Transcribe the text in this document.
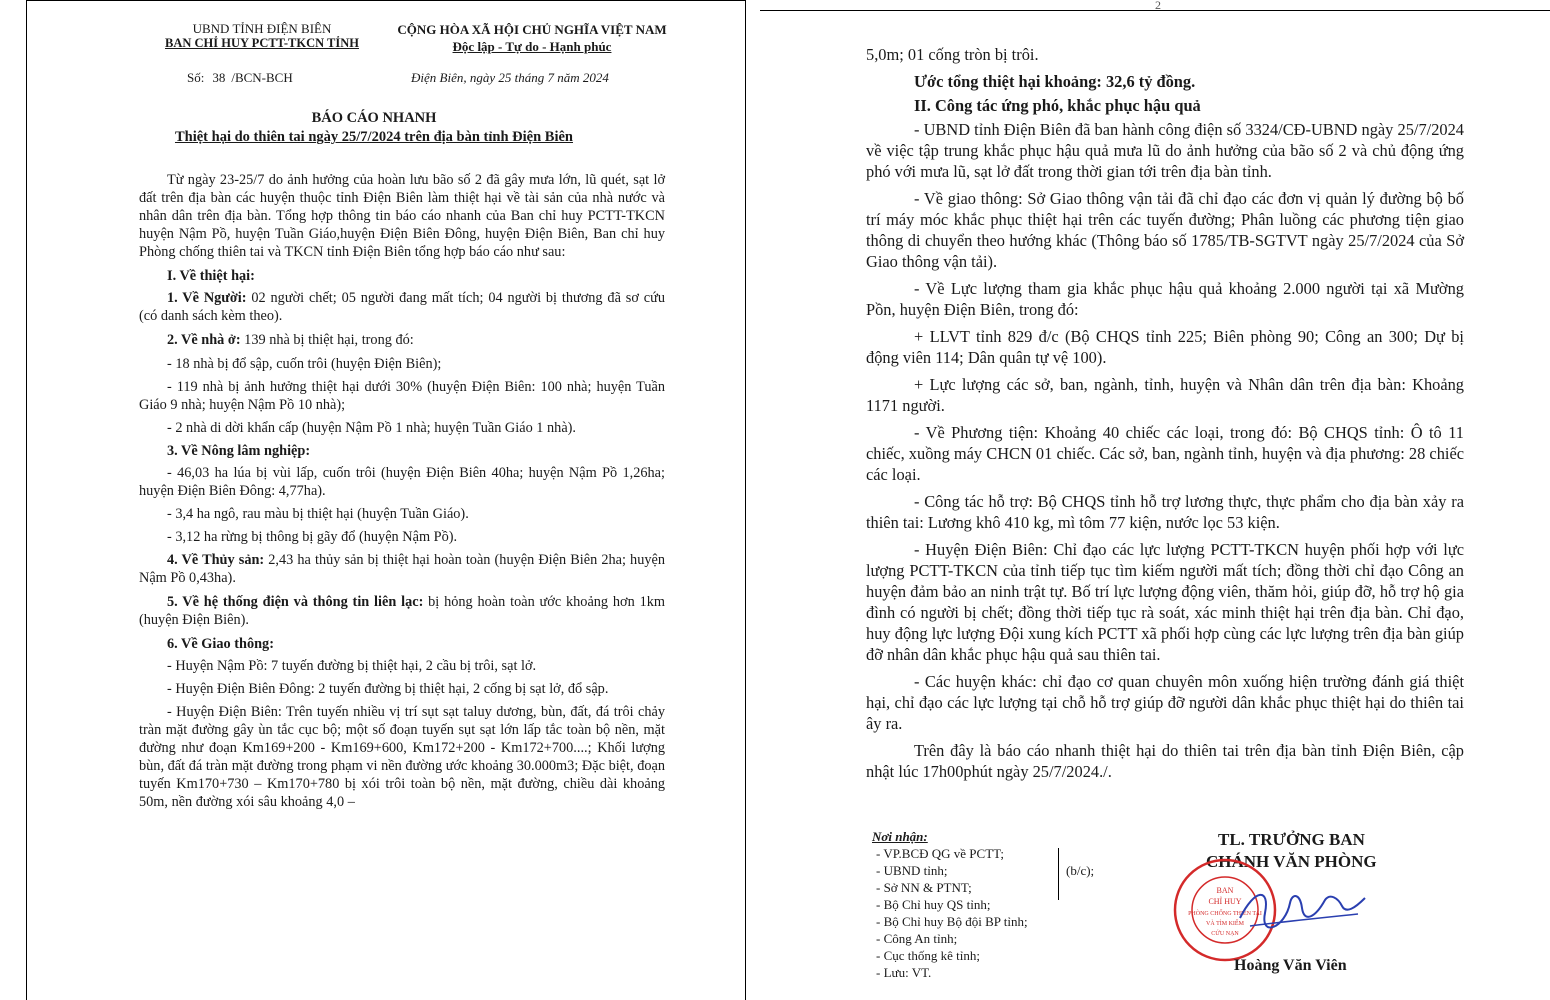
UBND TỈNH ĐIỆN BIÊN
BAN CHỈ HUY PCTT-TKCN TỈNH
CỘNG HÒA XÃ HỘI CHỦ NGHĨA VIỆT NAM
Độc lập - Tự do - Hạnh phúc
Số: 38 /BCN-BCH	Điện Biên, ngày 25 tháng 7 năm 2024
BÁO CÁO NHANH
Thiệt hại do thiên tai ngày 25/7/2024 trên địa bàn tỉnh Điện Biên

Từ ngày 23-25/7 do ảnh hưởng của hoàn lưu bão số 2 đã gây mưa lớn, lũ quét, sạt lở đất trên địa bàn các huyện thuộc tỉnh Điện Biên làm thiệt hại về tài sản của nhà nước và nhân dân trên địa bàn. Tổng hợp thông tin báo cáo nhanh của Ban chỉ huy PCTT-TKCN huyện Nậm Pồ, huyện Tuần Giáo,huyện Điện Biên Đông, huyện Điện Biên, Ban chỉ huy Phòng chống thiên tai và TKCN tỉnh Điện Biên tổng hợp báo cáo như sau:

I. Về thiệt hại:

1. Về Người: 02 người chết; 05 người đang mất tích; 04 người bị thương đã sơ cứu (có danh sách kèm theo).

2. Về nhà ở: 139 nhà bị thiệt hại, trong đó:

- 18 nhà bị đổ sập, cuốn trôi (huyện Điện Biên);

- 119 nhà bị ảnh hưởng thiệt hại dưới 30% (huyện Điện Biên: 100 nhà; huyện Tuần Giáo 9 nhà; huyện Nậm Pồ 10 nhà);

- 2 nhà di dời khẩn cấp (huyện Nậm Pồ 1 nhà; huyện Tuần Giáo 1 nhà).

3. Về Nông lâm nghiệp:

- 46,03 ha lúa bị vùi lấp, cuốn trôi (huyện Điện Biên 40ha; huyện Nậm Pồ 1,26ha; huyện Điện Biên Đông: 4,77ha).

- 3,4 ha ngô, rau màu bị thiệt hại (huyện Tuần Giáo).

- 3,12 ha rừng bị thông bị gãy đổ (huyện Nậm Pồ).

4. Về Thủy sản: 2,43 ha thủy sản bị thiệt hại hoàn toàn (huyện Điện Biên 2ha; huyện Nậm Pồ 0,43ha).

5. Về hệ thống điện và thông tin liên lạc: bị hỏng hoàn toàn ước khoảng hơn 1km (huyện Điện Biên).

6. Về Giao thông:

- Huyện Nậm Pồ: 7 tuyến đường bị thiệt hại, 2 cầu bị trôi, sạt lở.

- Huyện Điện Biên Đông: 2 tuyến đường bị thiệt hại, 2 cống bị sạt lở, đổ sập.

- Huyện Điện Biên: Trên tuyến nhiều vị trí sụt sạt taluy dương, bùn, đất, đá trôi chảy tràn mặt đường gây ùn tắc cục bộ; một số đoạn tuyến sụt sạt lớn lấp tắc toàn bộ nền, mặt đường như đoạn Km169+200 - Km169+600, Km172+200 - Km172+700....; Khối lượng bùn, đất đá tràn mặt đường trong phạm vi nền đường ước khoảng 30.000m3; Đặc biệt, đoạn tuyến Km170+730 – Km170+780 bị xói trôi toàn bộ nền, mặt đường, chiều dài khoảng 50m, nền đường xói sâu khoảng 4,0 –

2

5,0m; 01 cống tròn bị trôi.

Ước tổng thiệt hại khoảng: 32,6 tỷ đồng.

II. Công tác ứng phó, khắc phục hậu quả

- UBND tỉnh Điện Biên đã ban hành công điện số 3324/CĐ-UBND ngày 25/7/2024 về việc tập trung khắc phục hậu quả mưa lũ do ảnh hưởng của bão số 2 và chủ động ứng phó với mưa lũ, sạt lở đất trong thời gian tới trên địa bàn tỉnh.

- Về giao thông: Sở Giao thông vận tải đã chỉ đạo các đơn vị quản lý đường bộ bố trí máy móc khắc phục thiệt hại trên các tuyến đường; Phân luồng các phương tiện giao thông di chuyển theo hướng khác (Thông báo số 1785/TB-SGTVT ngày 25/7/2024 của Sở Giao thông vận tải).

- Về Lực lượng tham gia khắc phục hậu quả khoảng 2.000 người tại xã Mường Pồn, huyện Điện Biên, trong đó:

+ LLVT tỉnh 829 đ/c (Bộ CHQS tỉnh 225; Biên phòng 90; Công an 300; Dự bị động viên 114; Dân quân tự vệ 100).

+ Lực lượng các sở, ban, ngành, tỉnh, huyện và Nhân dân trên địa bàn: Khoảng 1171 người.

- Về Phương tiện: Khoảng 40 chiếc các loại, trong đó: Bộ CHQS tỉnh: Ô tô 11 chiếc, xuồng máy CHCN 01 chiếc. Các sở, ban, ngành tỉnh, huyện và địa phương: 28 chiếc các loại.

- Công tác hỗ trợ: Bộ CHQS tỉnh hỗ trợ lương thực, thực phẩm cho địa bàn xảy ra thiên tai: Lương khô 410 kg, mì tôm 77 kiện, nước lọc 53 kiện.

- Huyện Điện Biên: Chỉ đạo các lực lượng PCTT-TKCN huyện phối hợp với lực lượng PCTT-TKCN của tỉnh tiếp tục tìm kiếm người mất tích; đồng thời chỉ đạo Công an huyện đảm bảo an ninh trật tự. Bố trí lực lượng động viên, thăm hỏi, giúp đỡ, hỗ trợ hộ gia đình có người bị chết; đồng thời tiếp tục rà soát, xác minh thiệt hại trên địa bàn. Chỉ đạo, huy động lực lượng Đội xung kích PCTT xã phối hợp cùng các lực lượng trên địa bàn giúp đỡ nhân dân khắc phục hậu quả sau thiên tai.

- Các huyện khác: chỉ đạo cơ quan chuyên môn xuống hiện trường đánh giá thiệt hại, chỉ đạo các lực lượng tại chỗ hỗ trợ giúp đỡ người dân khắc phục thiệt hại do thiên tai ây ra.

Trên đây là báo cáo nhanh thiệt hại do thiên tai trên địa bàn tỉnh Điện Biên, cập nhật lúc 17h00phút ngày 25/7/2024./.

Nơi nhận:
- VP.BCĐ QG về PCTT;
- UBND tỉnh;
- Sở NN & PTNT;
- Bộ Chỉ huy QS tỉnh;
- Bộ Chỉ huy Bộ đội BP tỉnh;
- Công An tỉnh;
- Cục thống kê tỉnh;
- Lưu: VT.
(b/c);
TL. TRƯỞNG BAN
CHÁNH VĂN PHÒNG
BAN
CHỈ HUY
PHÒNG CHỐNG THIÊN TAI
VÀ TÌM KIẾM
CỨU NẠN
Hoàng Văn Viên
